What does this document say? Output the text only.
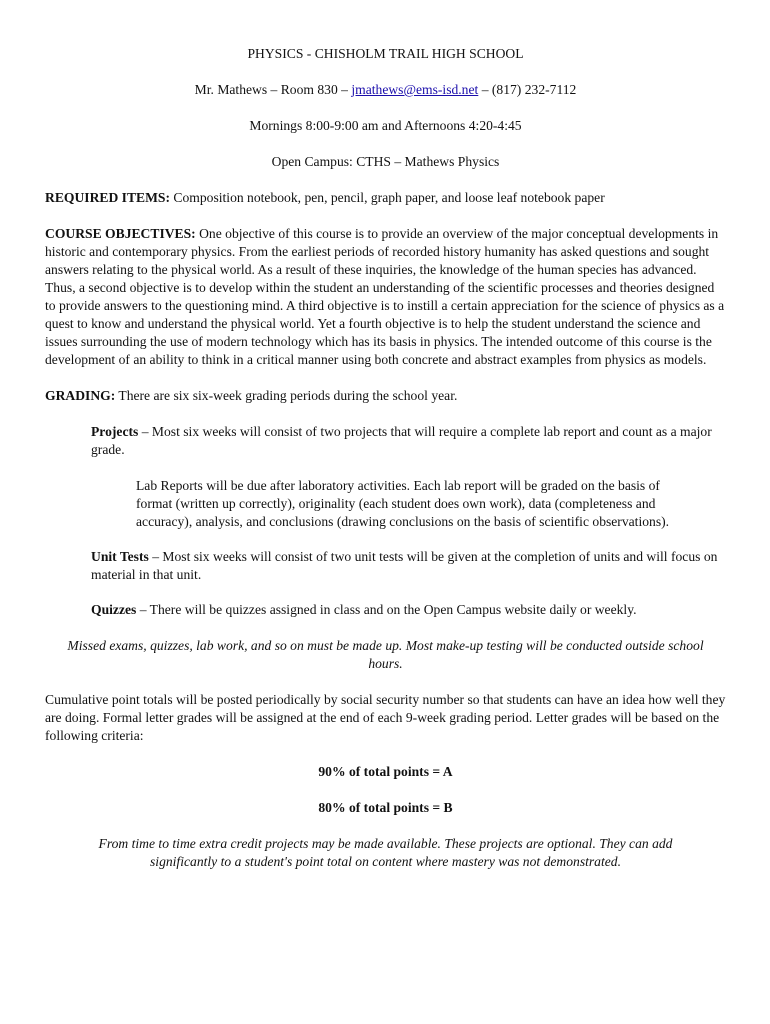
PHYSICS - CHISHOLM TRAIL HIGH SCHOOL

Mr. Mathews – Room 830 – jmathews@ems-isd.net – (817) 232-7112

Mornings 8:00-9:00 am and Afternoons 4:20-4:45

Open Campus: CTHS – Mathews Physics

REQUIRED ITEMS: Composition notebook, pen, pencil, graph paper, and loose leaf notebook paper

COURSE OBJECTIVES: One objective of this course is to provide an overview of the major conceptual developments in historic and contemporary physics. From the earliest periods of recorded history humanity has asked questions and sought answers relating to the physical world. As a result of these inquiries, the knowledge of the human species has advanced. Thus, a second objective is to develop within the student an understanding of the scientific processes and theories designed to provide answers to the questioning mind. A third objective is to instill a certain appreciation for the science of physics as a quest to know and understand the physical world. Yet a fourth objective is to help the student understand the science and issues surrounding the use of modern technology which has its basis in physics. The intended outcome of this course is the development of an ability to think in a critical manner using both concrete and abstract examples from physics as models.

GRADING: There are six six-week grading periods during the school year.

Projects – Most six weeks will consist of two projects that will require a complete lab report and count as a major grade.

Lab Reports will be due after laboratory activities. Each lab report will be graded on the basis of format (written up correctly), originality (each student does own work), data (completeness and accuracy), analysis, and conclusions (drawing conclusions on the basis of scientific observations).

Unit Tests – Most six weeks will consist of two unit tests will be given at the completion of units and will focus on material in that unit.

Quizzes – There will be quizzes assigned in class and on the Open Campus website daily or weekly.

Missed exams, quizzes, lab work, and so on must be made up. Most make-up testing will be conducted outside school hours.

Cumulative point totals will be posted periodically by social security number so that students can have an idea how well they are doing. Formal letter grades will be assigned at the end of each 9-week grading period. Letter grades will be based on the following criteria:

90% of total points = A

80% of total points = B

From time to time extra credit projects may be made available. These projects are optional. They can add significantly to a student's point total on content where mastery was not demonstrated.
